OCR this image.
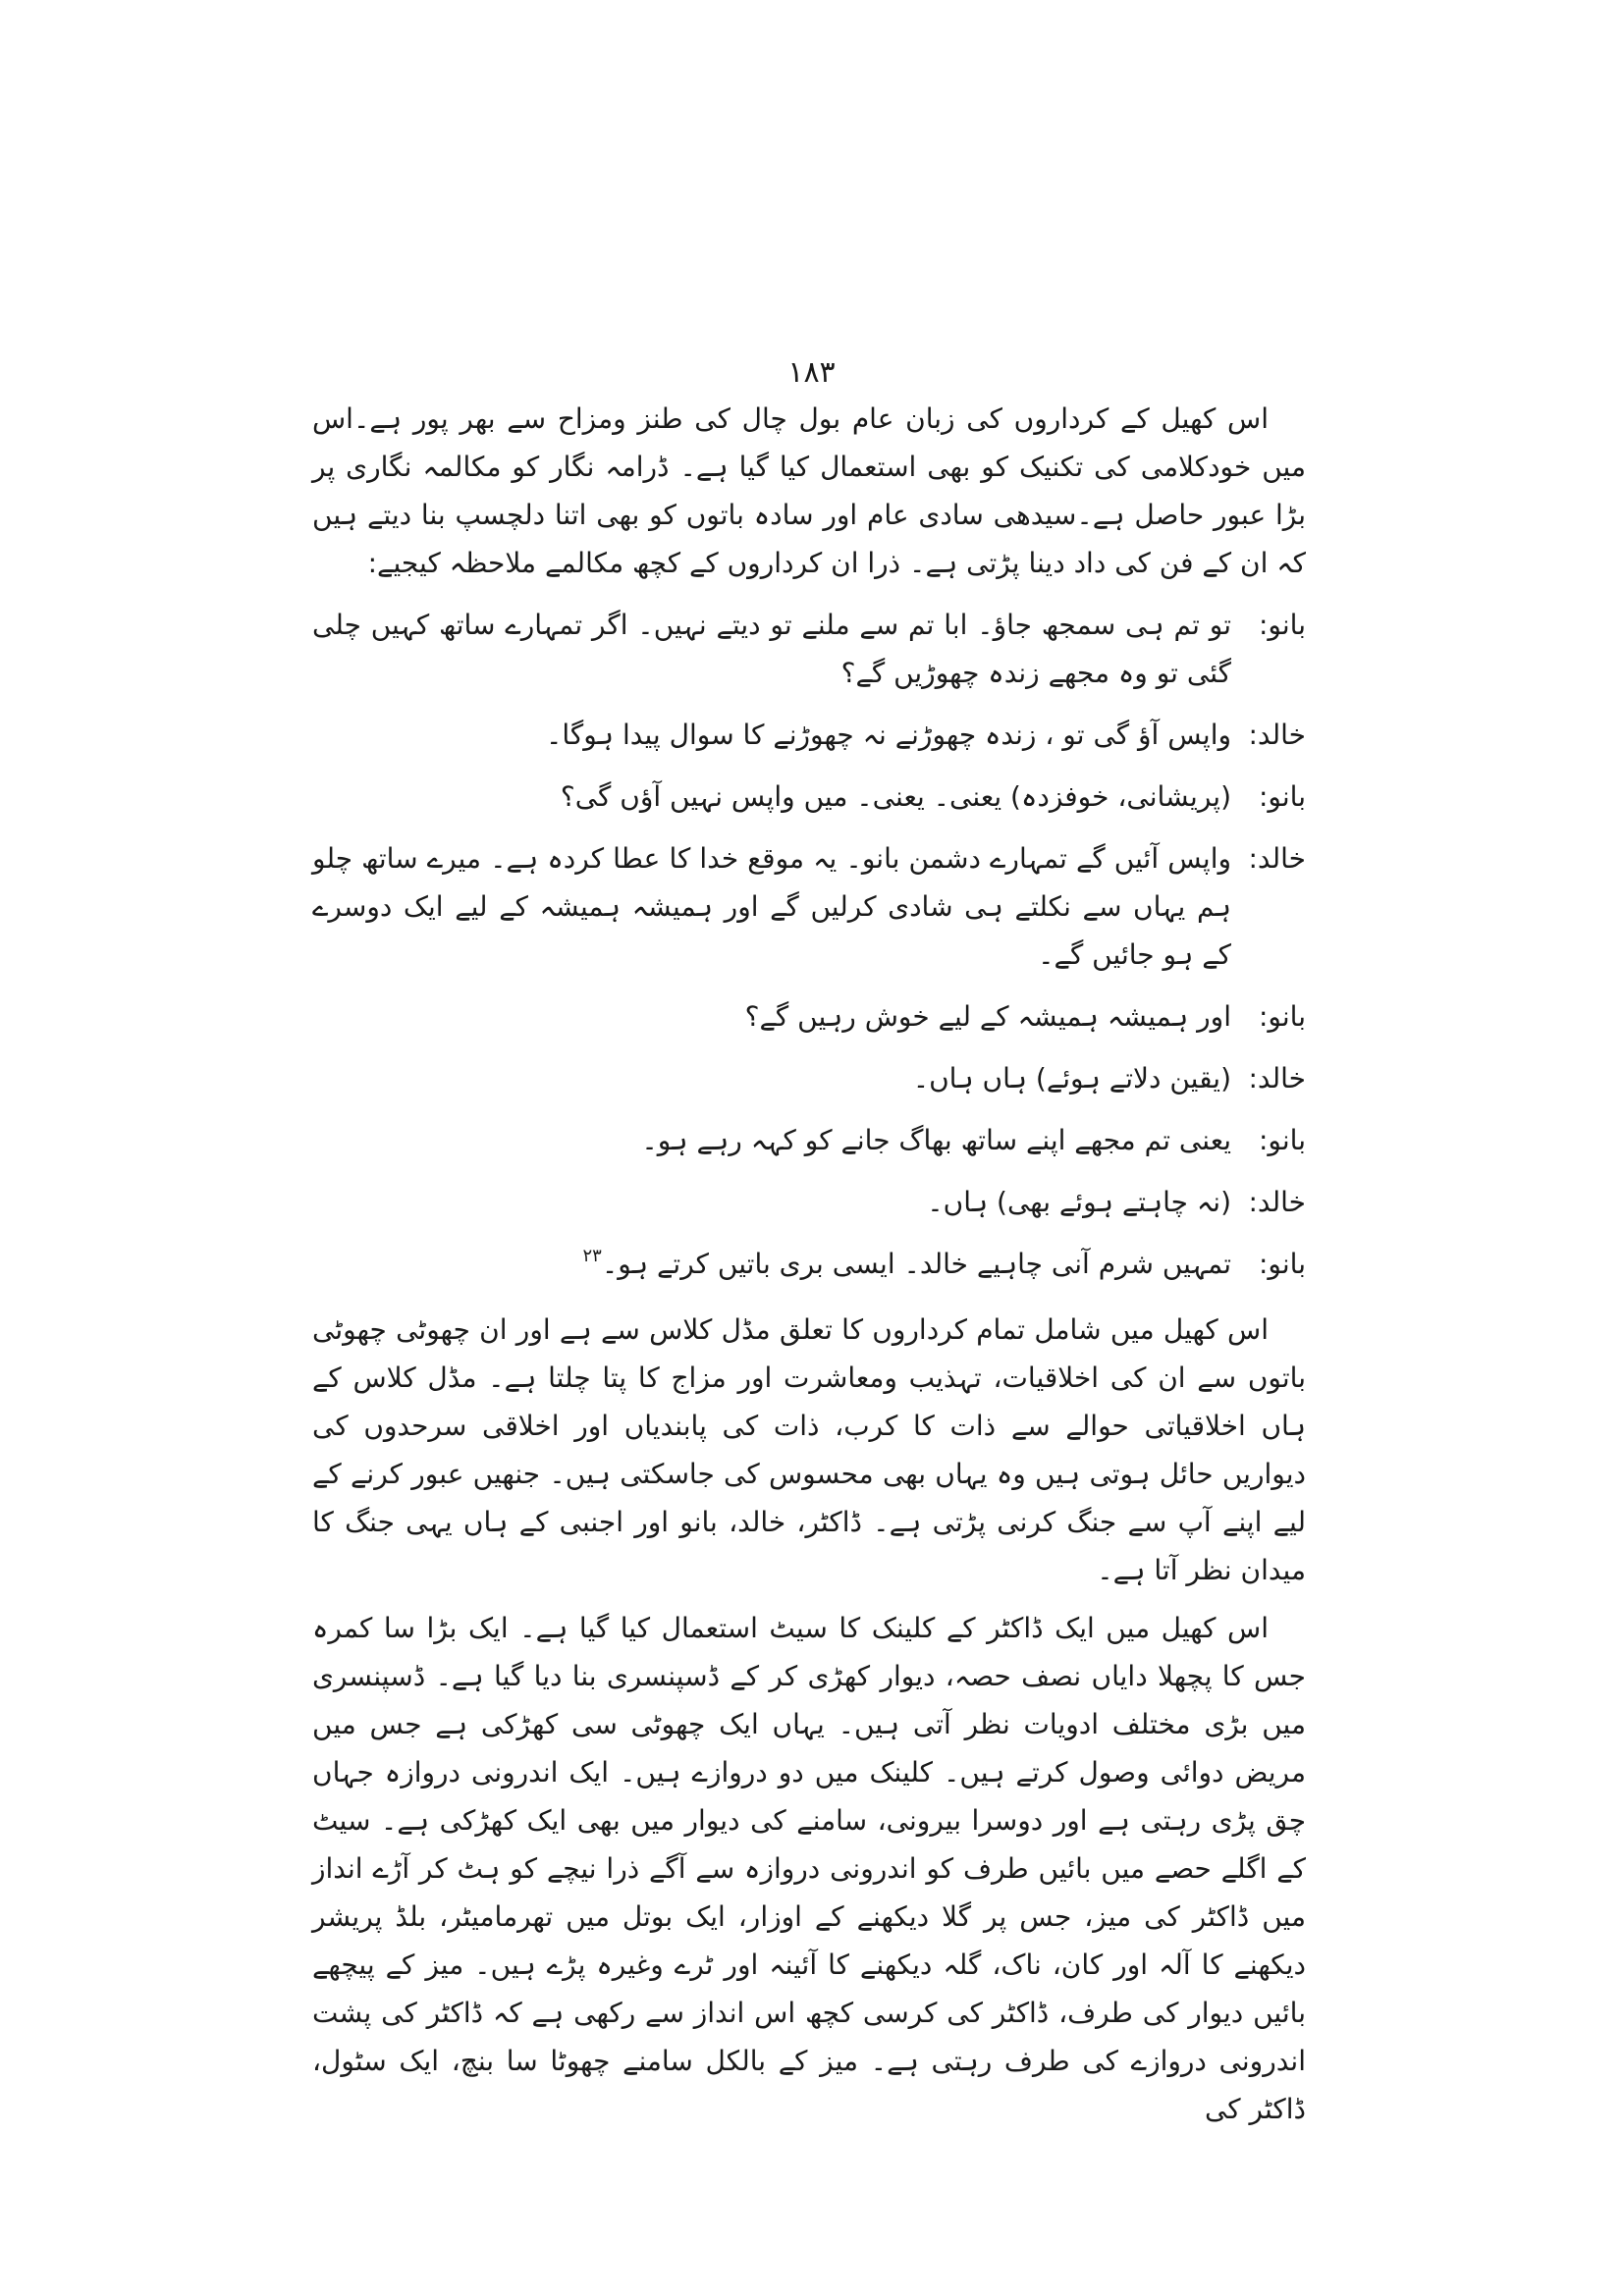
۱۸۳

اس کھیل کے کرداروں کی زبان عام بول چال کی طنز ومزاح سے بھر پور ہے۔اس میں خودکلامی کی تکنیک کو بھی استعمال کیا گیا ہے۔ ڈرامہ نگار کو مکالمہ نگاری پر بڑا عبور حاصل ہے۔سیدھی سادی عام اور سادہ باتوں کو بھی اتنا دلچسپ بنا دیتے ہیں کہ ان کے فن کی داد دینا پڑتی ہے۔ ذرا ان کرداروں کے کچھ مکالمے ملاحظہ کیجیے:

بانو:
تو تم ہی سمجھ جاؤ۔ ابا تم سے ملنے تو دیتے نہیں۔ اگر تمہارے ساتھ کہیں چلی گئی تو وہ مجھے زندہ چھوڑیں گے؟
خالد:
واپس آؤ گی تو ، زندہ چھوڑنے نہ چھوڑنے کا سوال پیدا ہوگا۔
بانو:
(پریشانی، خوفزدہ) یعنی۔ یعنی۔ میں واپس نہیں آؤں گی؟
خالد:
واپس آئیں گے تمہارے دشمن بانو۔ یہ موقع خدا کا عطا کردہ ہے۔ میرے ساتھ چلو ہم یہاں سے نکلتے ہی شادی کرلیں گے اور ہمیشہ ہمیشہ کے لیے ایک دوسرے کے ہو جائیں گے۔
بانو:
اور ہمیشہ ہمیشہ کے لیے خوش رہیں گے؟
خالد:
(یقین دلاتے ہوئے) ہاں ہاں۔
بانو:
یعنی تم مجھے اپنے ساتھ بھاگ جانے کو کہہ رہے ہو۔
خالد:
(نہ چاہتے ہوئے بھی) ہاں۔
بانو:
تمہیں شرم آنی چاہیے خالد۔ ایسی بری باتیں کرتے ہو۔$^{۲۳}$

اس کھیل میں شامل تمام کرداروں کا تعلق مڈل کلاس سے ہے اور ان چھوٹی چھوٹی باتوں سے ان کی اخلاقیات، تہذیب ومعاشرت اور مزاج کا پتا چلتا ہے۔ مڈل کلاس کے ہاں اخلاقیاتی حوالے سے ذات کا کرب، ذات کی پابندیاں اور اخلاقی سرحدوں کی دیواریں حائل ہوتی ہیں وہ یہاں بھی محسوس کی جاسکتی ہیں۔ جنھیں عبور کرنے کے لیے اپنے آپ سے جنگ کرنی پڑتی ہے۔ ڈاکٹر، خالد، بانو اور اجنبی کے ہاں یہی جنگ کا میدان نظر آتا ہے۔

اس کھیل میں ایک ڈاکٹر کے کلینک کا سیٹ استعمال کیا گیا ہے۔ ایک بڑا سا کمرہ جس کا پچھلا دایاں نصف حصہ، دیوار کھڑی کر کے ڈسپنسری بنا دیا گیا ہے۔ ڈسپنسری میں بڑی مختلف ادویات نظر آتی ہیں۔ یہاں ایک چھوٹی سی کھڑکی ہے جس میں مریض دوائی وصول کرتے ہیں۔ کلینک میں دو دروازے ہیں۔ ایک اندرونی دروازہ جہاں چق پڑی رہتی ہے اور دوسرا بیرونی، سامنے کی دیوار میں بھی ایک کھڑکی ہے۔ سیٹ کے اگلے حصے میں بائیں طرف کو اندرونی دروازہ سے آگے ذرا نیچے کو ہٹ کر آڑے انداز میں ڈاکٹر کی میز، جس پر گلا دیکھنے کے اوزار، ایک بوتل میں تھرمامیٹر، بلڈ پریشر دیکھنے کا آلہ اور کان، ناک، گلہ دیکھنے کا آئینہ اور ٹرے وغیرہ پڑے ہیں۔ میز کے پیچھے بائیں دیوار کی طرف، ڈاکٹر کی کرسی کچھ اس انداز سے رکھی ہے کہ ڈاکٹر کی پشت اندرونی دروازے کی طرف رہتی ہے۔ میز کے بالکل سامنے چھوٹا سا بنچ، ایک سٹول، ڈاکٹر کی
